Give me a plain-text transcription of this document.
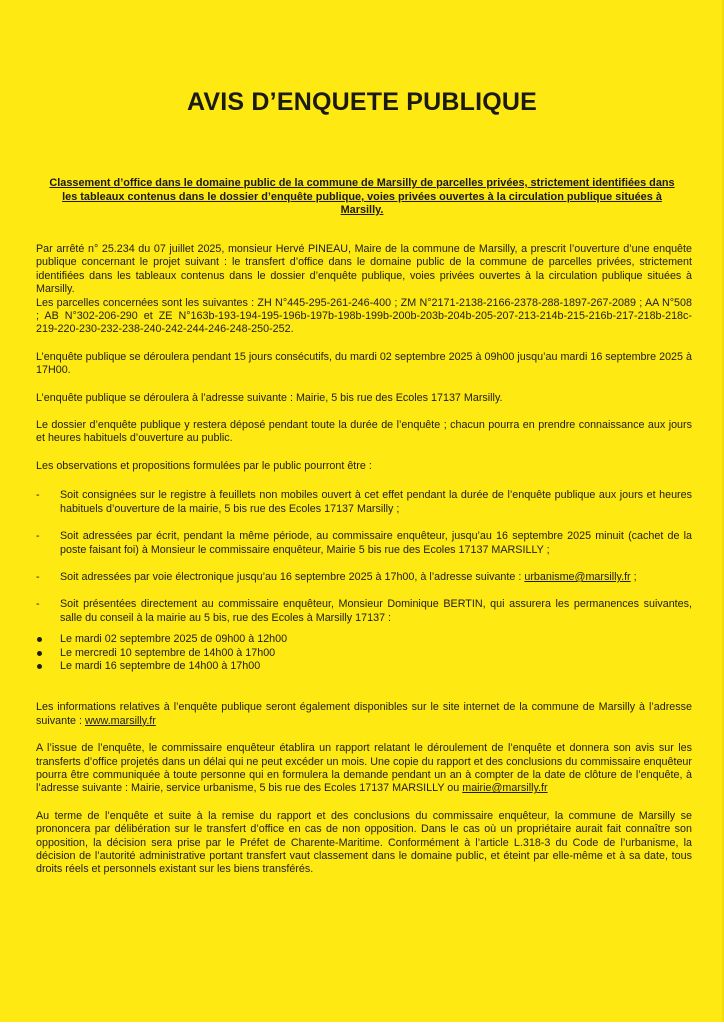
AVIS D’ENQUETE PUBLIQUE
Classement d’office dans le domaine public de la commune de Marsilly de parcelles privées, strictement identifiées dans les tableaux contenus dans le dossier d’enquête publique, voies privées ouvertes à la circulation publique situées à Marsilly.

Par arrêté n° 25.234 du 07 juillet 2025, monsieur Hervé PINEAU, Maire de la commune de Marsilly, a prescrit l’ouverture d’une enquête publique concernant le projet suivant : le transfert d’office dans le domaine public de la commune de parcelles privées, strictement identifiées dans les tableaux contenus dans le dossier d’enquête publique, voies privées ouvertes à la circulation publique situées à Marsilly.
Les parcelles concernées sont les suivantes : ZH N°445-295-261-246-400 ; ZM N°2171-2138-2166-2378-288-1897-267-2089 ; AA N°508 ; AB N°302-206-290 et ZE N°163b-193-194-195-196b-197b-198b-199b-200b-203b-204b-205-207-213-214b-215-216b-217-218b-218c-219-220-230-232-238-240-242-244-246-248-250-252.

L’enquête publique se déroulera pendant 15 jours consécutifs, du mardi 02 septembre 2025 à 09h00 jusqu’au mardi 16 septembre 2025 à 17H00.

L’enquête publique se déroulera à l’adresse suivante : Mairie, 5 bis rue des Ecoles 17137 Marsilly.

Le dossier d’enquête publique y restera déposé pendant toute la durée de l’enquête ; chacun pourra en prendre connaissance aux jours et heures habituels d’ouverture au public.

Les observations et propositions formulées par le public pourront être :

- Soit consignées sur le registre à feuillets non mobiles ouvert à cet effet pendant la durée de l’enquête publique aux jours et heures habituels d’ouverture de la mairie, 5 bis rue des Ecoles 17137 Marsilly ;
- Soit adressées par écrit, pendant la même période, au commissaire enquêteur, jusqu’au 16 septembre 2025 minuit (cachet de la poste faisant foi) à Monsieur le commissaire enquêteur, Mairie 5 bis rue des Ecoles 17137 MARSILLY ;
- Soit adressées par voie électronique jusqu’au 16 septembre 2025 à 17h00, à l’adresse suivante : urbanisme@marsilly.fr ;
- Soit présentées directement au commissaire enquêteur, Monsieur Dominique BERTIN, qui assurera les permanences suivantes, salle du conseil à la mairie au 5 bis, rue des Ecoles à Marsilly 17137 :
Le mardi 02 septembre 2025 de 09h00 à 12h00
Le mercredi 10 septembre de 14h00 à 17h00
Le mardi 16 septembre de 14h00 à 17h00

Les informations relatives à l’enquête publique seront également disponibles sur le site internet de la commune de Marsilly à l’adresse suivante : www.marsilly.fr

A l’issue de l’enquête, le commissaire enquêteur établira un rapport relatant le déroulement de l’enquête et donnera son avis sur les transferts d’office projetés dans un délai qui ne peut excéder un mois. Une copie du rapport et des conclusions du commissaire enquêteur pourra être communiquée à toute personne qui en formulera la demande pendant un an à compter de la date de clôture de l’enquête, à l’adresse suivante : Mairie, service urbanisme, 5 bis rue des Ecoles 17137 MARSILLY ou mairie@marsilly.fr

Au terme de l’enquête et suite à la remise du rapport et des conclusions du commissaire enquêteur, la commune de Marsilly se prononcera par délibération sur le transfert d’office en cas de non opposition. Dans le cas où un propriétaire aurait fait connaître son opposition, la décision sera prise par le Préfet de Charente-Maritime. Conformément à l’article L.318-3 du Code de l’urbanisme, la décision de l’autorité administrative portant transfert vaut classement dans le domaine public, et éteint par elle-même et à sa date, tous droits réels et personnels existant sur les biens transférés.
